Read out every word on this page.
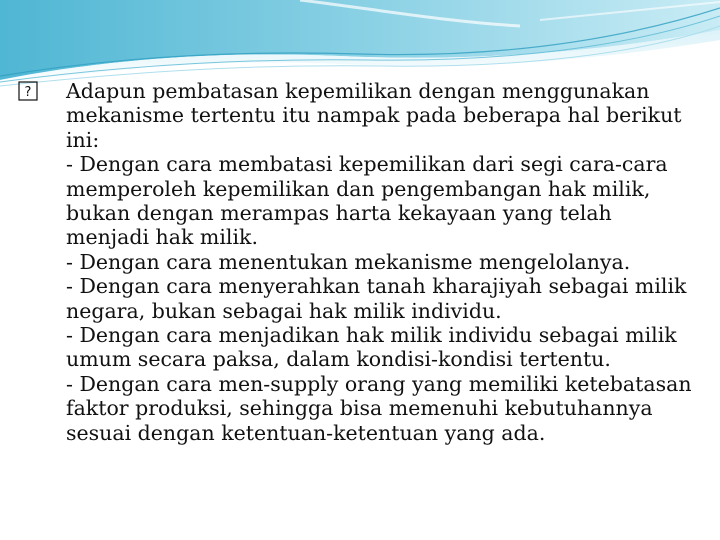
? Adapun pembatasan kepemilikan dengan menggunakan mekanisme tertentu itu nampak pada beberapa hal berikut ini:

- Dengan cara membatasi kepemilikan dari segi cara-cara memperoleh kepemilikan dan pengembangan hak milik, bukan dengan merampas harta kekayaan yang telah menjadi hak milik.
- Dengan cara menentukan mekanisme mengelolanya.
- Dengan cara menyerahkan tanah kharajiyah sebagai milik negara, bukan sebagai hak milik individu.
- Dengan cara menjadikan hak milik individu sebagai milik umum secara paksa, dalam kondisi-kondisi tertentu.
- Dengan cara men-supply orang yang memiliki ketebatasan faktor produksi, sehingga bisa memenuhi kebutuhannya sesuai dengan ketentuan-ketentuan yang ada.
